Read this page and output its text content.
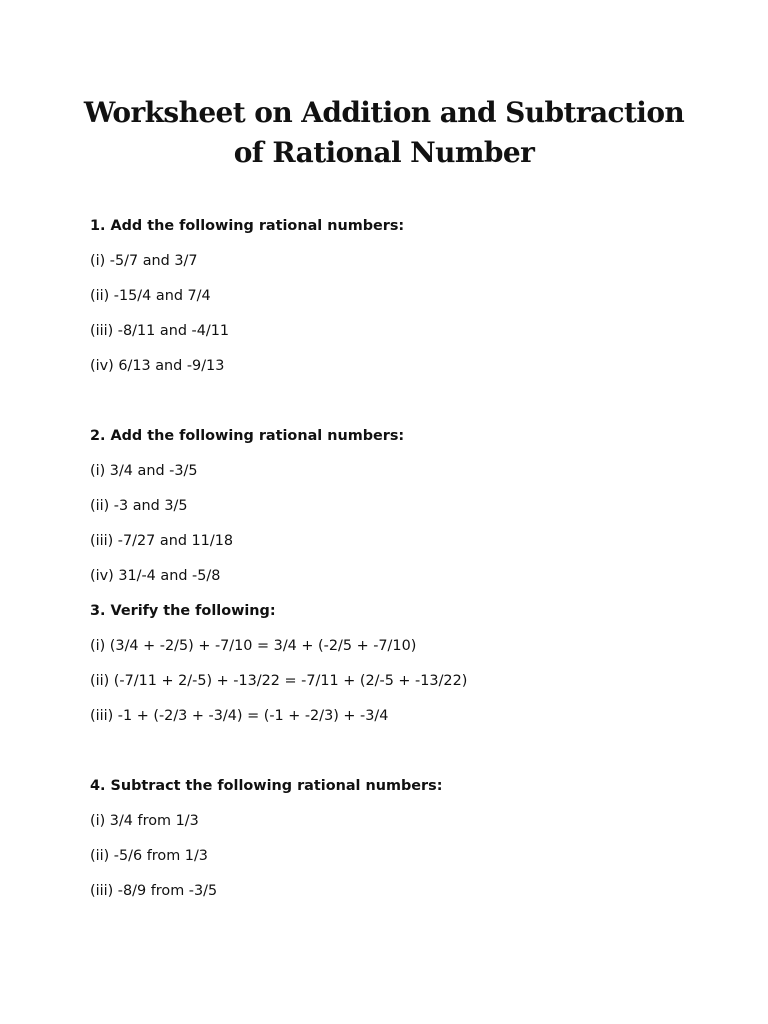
Worksheet on Addition and Subtraction
of Rational Number

1. Add the following rational numbers:

(i) -5/7 and 3/7

(ii) -15/4 and 7/4

(iii) -8/11 and -4/11

(iv) 6/13 and -9/13

2. Add the following rational numbers:

(i) 3/4 and -3/5

(ii) -3 and 3/5

(iii) -7/27 and 11/18

(iv) 31/-4 and -5/8

3. Verify the following:

(i) (3/4 + -2/5) + -7/10 = 3/4 + (-2/5 + -7/10)

(ii) (-7/11 + 2/-5) + -13/22 = -7/11 + (2/-5 + -13/22)

(iii) -1 + (-2/3 + -3/4) = (-1 + -2/3) + -3/4

4. Subtract the following rational numbers:

(i) 3/4 from 1/3

(ii) -5/6 from 1/3

(iii) -8/9 from -3/5
